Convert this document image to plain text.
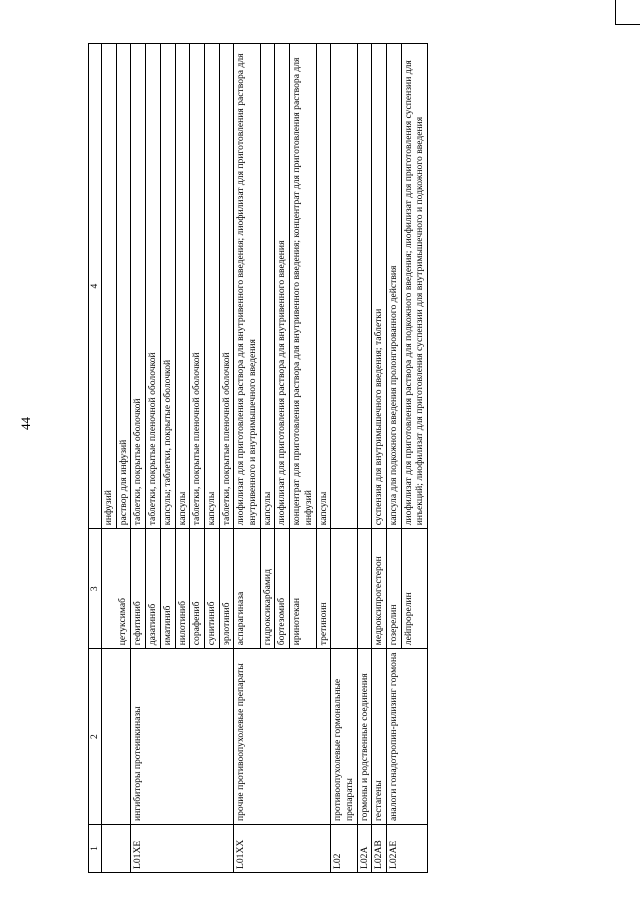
44
1	2	3	4
			инфузий
		цетуксимаб	раствор для инфузий
L01XE	ингибиторы протеинкиназы	гефитиниб	таблетки, покрытые оболочкой
		дазатиниб	таблетки, покрытые пленочной оболочкой
		иматиниб	капсулы; таблетки, покрытые оболочкой
		нилотиниб	капсулы
		сорафениб	таблетки, покрытые пленочной оболочкой
		сунитиниб	капсулы
		эрлотиниб	таблетки, покрытые пленочной оболочкой
L01XX	прочие противоопухолевые препараты	аспарагиназа	лиофилизат для приготовления раствора для внутривенного введения; лиофилизат для приготовления раствора для внутривенного и внутримышечного введения
		гидроксикарбамид	капсулы
		бортезомиб	лиофилизат для приготовления раствора для внутривенного введения
		иринотекан	концентрат для приготовления раствора для внутривенного введения; концентрат для приготовления раствора для инфузий
		третиноин	капсулы
L02	противоопухолевые гормональные препараты		
L02A	гормоны и родственные соединения		
L02AB	гестагены	медроксипрогестерон	суспензия для внутримышечного введения; таблетки
L02AE	аналоги гонадотропин-рилизинг гормона	гозерелин	капсула для подкожного введения пролонгированного действия
		лейпрорелин	лиофилизат для приготовления раствора для подкожного введения; лиофилизат для приготовления суспензии для инъекций; лиофилизат для приготовления суспензии для внутримышечного и подкожного введения
